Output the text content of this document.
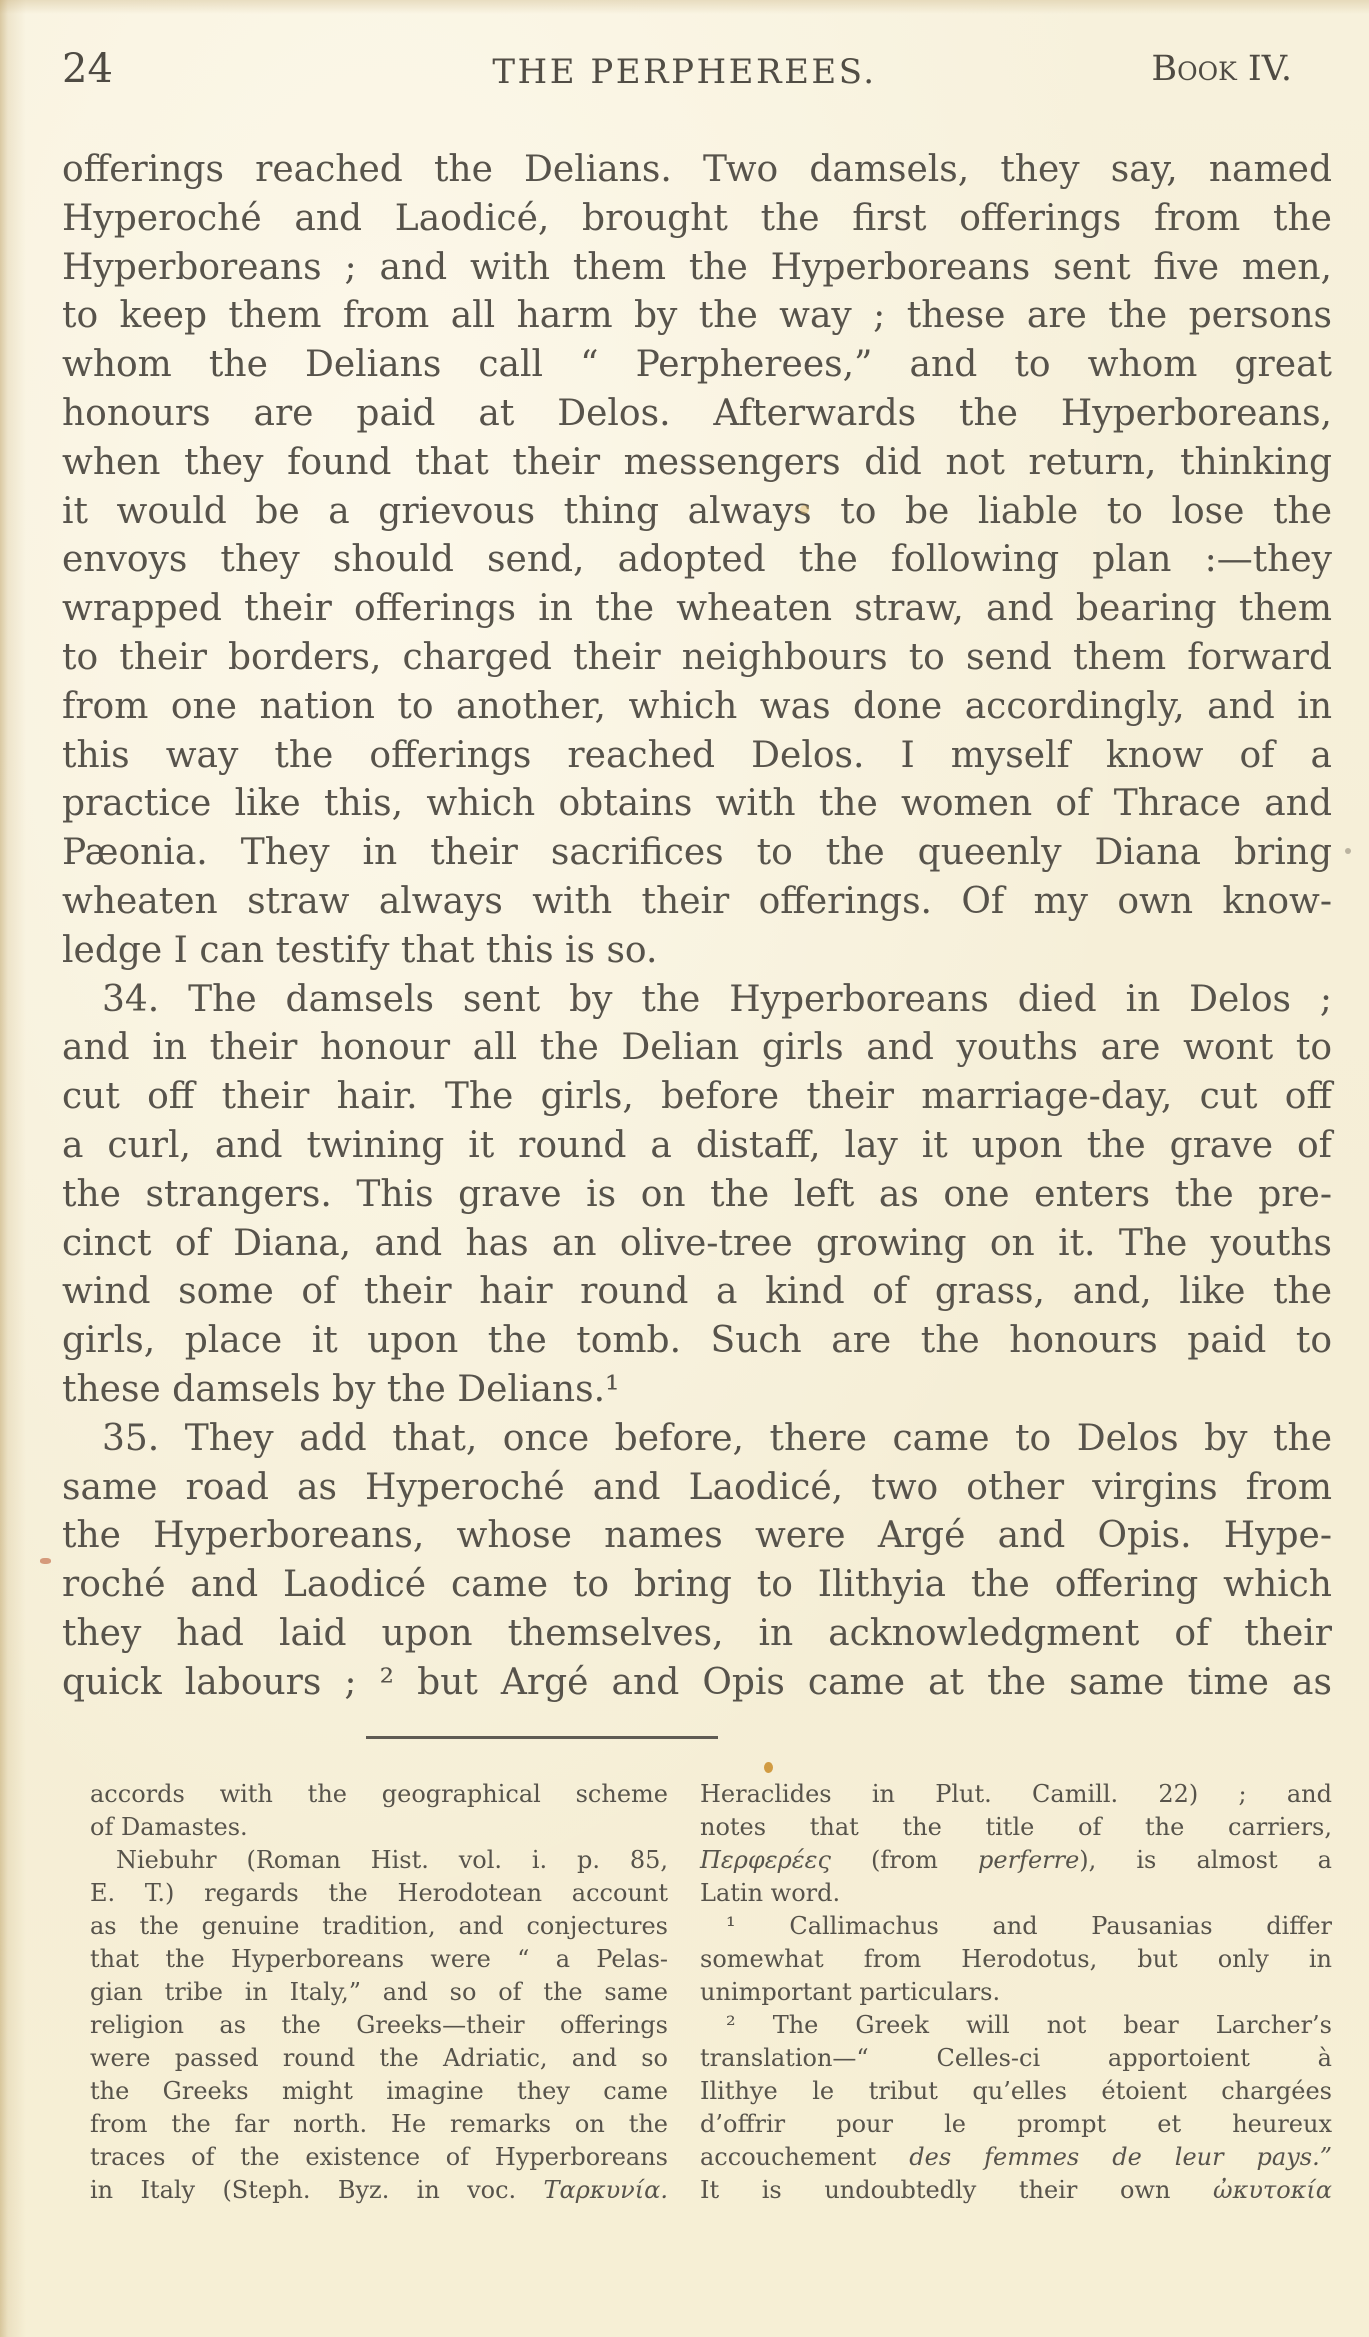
24	THE PERPHEREES.	Book IV.
offerings reached the Delians. Two damsels, they say, named
Hyperoché and Laodicé, brought the first offerings from the
Hyperboreans ; and with them the Hyperboreans sent five men,
to keep them from all harm by the way ; these are the persons
whom the Delians call “ Perpherees,” and to whom great
honours are paid at Delos. Afterwards the Hyperboreans,
when they found that their messengers did not return, thinking
it would be a grievous thing always to be liable to lose the
envoys they should send, adopted the following plan :—they
wrapped their offerings in the wheaten straw, and bearing them
to their borders, charged their neighbours to send them forward
from one nation to another, which was done accordingly, and in
this way the offerings reached Delos. I myself know of a
practice like this, which obtains with the women of Thrace and
Pæonia. They in their sacrifices to the queenly Diana bring
wheaten straw always with their offerings. Of my own know-
ledge I can testify that this is so.
34. The damsels sent by the Hyperboreans died in Delos ;
and in their honour all the Delian girls and youths are wont to
cut off their hair. The girls, before their marriage-day, cut off
a curl, and twining it round a distaff, lay it upon the grave of
the strangers. This grave is on the left as one enters the pre-
cinct of Diana, and has an olive-tree growing on it. The youths
wind some of their hair round a kind of grass, and, like the
girls, place it upon the tomb. Such are the honours paid to
these damsels by the Delians.¹
35. They add that, once before, there came to Delos by the
same road as Hyperoché and Laodicé, two other virgins from
the Hyperboreans, whose names were Argé and Opis. Hype-
roché and Laodicé came to bring to Ilithyia the offering which
they had laid upon themselves, in acknowledgment of their
quick labours ; ² but Argé and Opis came at the same time as
accords with the geographical scheme
of Damastes.
Niebuhr (Roman Hist. vol. i. p. 85,
E. T.) regards the Herodotean account
as the genuine tradition, and conjectures
that the Hyperboreans were “ a Pelas-
gian tribe in Italy,” and so of the same
religion as the Greeks—their offerings
were passed round the Adriatic, and so
the Greeks might imagine they came
from the far north. He remarks on the
traces of the existence of Hyperboreans
in Italy (Steph. Byz. in voc. Ταρκυνία.
Heraclides in Plut. Camill. 22) ; and
notes that the title of the carriers,
Περφερέες (from perferre), is almost a
Latin word.
¹ Callimachus and Pausanias differ
somewhat from Herodotus, but only in
unimportant particulars.
² The Greek will not bear Larcher’s
translation—“ Celles-ci apportoient à
Ilithye le tribut qu’elles étoient chargées
d’offrir pour le prompt et heureux
accouchement des femmes de leur pays.”
It is undoubtedly their own ὠκυτοκία
